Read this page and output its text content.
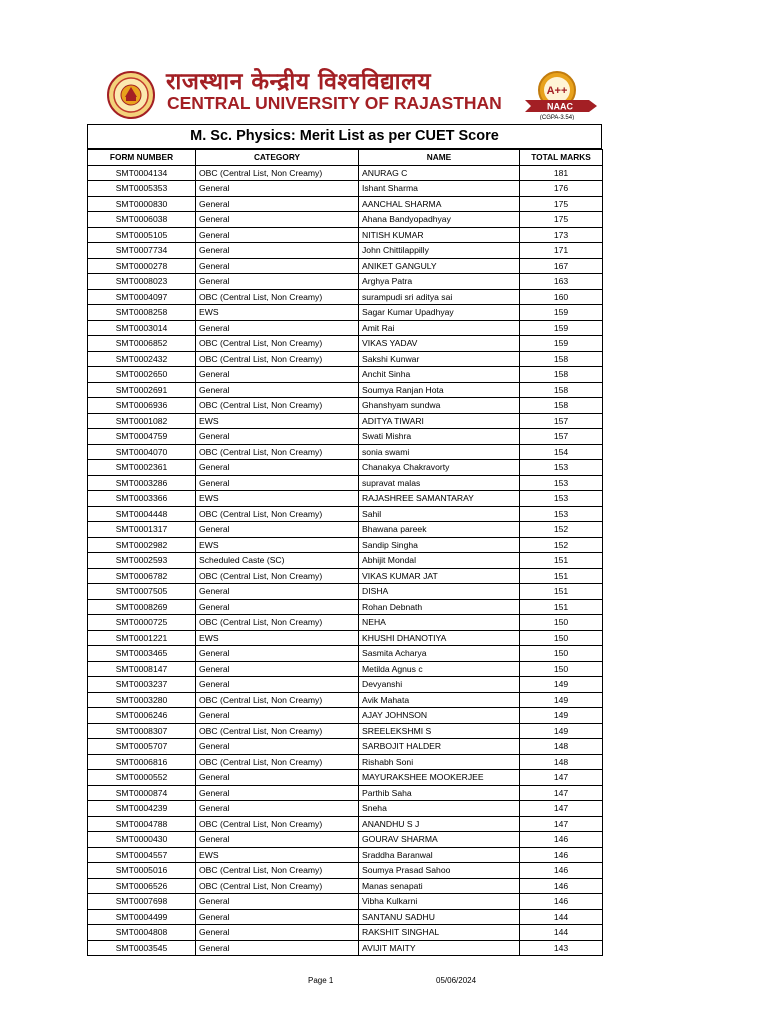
राजस्थान केन्द्रीय विश्वविद्यालय
CENTRAL UNIVERSITY OF RAJASTHAN
A++
NAAC
(CGPA-3.54)
M. Sc. Physics: Merit List as per CUET Score
FORM NUMBER	CATEGORY	NAME	TOTAL MARKS
SMT0004134	OBC (Central List, Non Creamy)	ANURAG C	181
SMT0005353	General	Ishant Sharma	176
SMT0000830	General	AANCHAL SHARMA	175
SMT0006038	General	Ahana Bandyopadhyay	175
SMT0005105	General	NITISH KUMAR	173
SMT0007734	General	John Chittilappilly	171
SMT0000278	General	ANIKET GANGULY	167
SMT0008023	General	Arghya Patra	163
SMT0004097	OBC (Central List, Non Creamy)	surampudi sri aditya sai	160
SMT0008258	EWS	Sagar Kumar Upadhyay	159
SMT0003014	General	Amit Rai	159
SMT0006852	OBC (Central List, Non Creamy)	VIKAS YADAV	159
SMT0002432	OBC (Central List, Non Creamy)	Sakshi Kunwar	158
SMT0002650	General	Anchit Sinha	158
SMT0002691	General	Soumya Ranjan Hota	158
SMT0006936	OBC (Central List, Non Creamy)	Ghanshyam sundwa	158
SMT0001082	EWS	ADITYA TIWARI	157
SMT0004759	General	Swati Mishra	157
SMT0004070	OBC (Central List, Non Creamy)	sonia swami	154
SMT0002361	General	Chanakya Chakravorty	153
SMT0003286	General	supravat malas	153
SMT0003366	EWS	RAJASHREE SAMANTARAY	153
SMT0004448	OBC (Central List, Non Creamy)	Sahil	153
SMT0001317	General	Bhawana pareek	152
SMT0002982	EWS	Sandip Singha	152
SMT0002593	Scheduled Caste (SC)	Abhijit Mondal	151
SMT0006782	OBC (Central List, Non Creamy)	VIKAS KUMAR JAT	151
SMT0007505	General	DISHA	151
SMT0008269	General	Rohan Debnath	151
SMT0000725	OBC (Central List, Non Creamy)	NEHA	150
SMT0001221	EWS	KHUSHI DHANOTIYA	150
SMT0003465	General	Sasmita Acharya	150
SMT0008147	General	Metilda Agnus c	150
SMT0003237	General	Devyanshi	149
SMT0003280	OBC (Central List, Non Creamy)	Avik Mahata	149
SMT0006246	General	AJAY JOHNSON	149
SMT0008307	OBC (Central List, Non Creamy)	SREELEKSHMI S	149
SMT0005707	General	SARBOJIT HALDER	148
SMT0006816	OBC (Central List, Non Creamy)	Rishabh Soni	148
SMT0000552	General	MAYURAKSHEE MOOKERJEE	147
SMT0000874	General	Parthib Saha	147
SMT0004239	General	Sneha	147
SMT0004788	OBC (Central List, Non Creamy)	ANANDHU S J	147
SMT0000430	General	GOURAV SHARMA	146
SMT0004557	EWS	Sraddha Baranwal	146
SMT0005016	OBC (Central List, Non Creamy)	Soumya Prasad Sahoo	146
SMT0006526	OBC (Central List, Non Creamy)	Manas senapati	146
SMT0007698	General	Vibha Kulkarni	146
SMT0004499	General	SANTANU SADHU	144
SMT0004808	General	RAKSHIT SINGHAL	144
SMT0003545	General	AVIJIT MAITY	143
Page 1	05/06/2024
